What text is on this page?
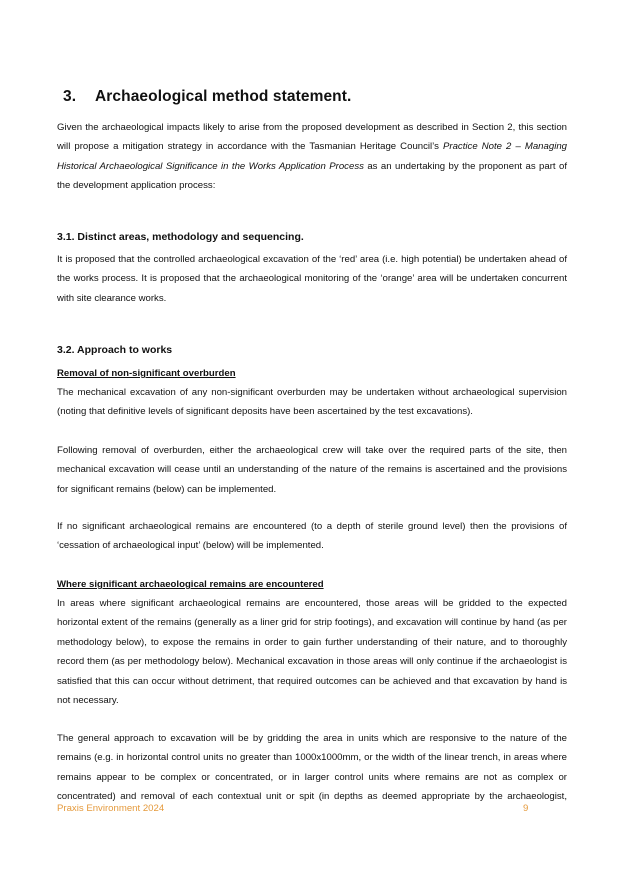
3. Archaeological method statement.
Given the archaeological impacts likely to arise from the proposed development as described in Section 2, this section will propose a mitigation strategy in accordance with the Tasmanian Heritage Council’s Practice Note 2 – Managing Historical Archaeological Significance in the Works Application Process as an undertaking by the proponent as part of the development application process:
3.1. Distinct areas, methodology and sequencing.
It is proposed that the controlled archaeological excavation of the ‘red’ area (i.e. high potential) be undertaken ahead of the works process. It is proposed that the archaeological monitoring of the ‘orange’ area will be undertaken concurrent with site clearance works.
3.2. Approach to works
Removal of non-significant overburden
The mechanical excavation of any non-significant overburden may be undertaken without archaeological supervision (noting that definitive levels of significant deposits have been ascertained by the test excavations).
Following removal of overburden, either the archaeological crew will take over the required parts of the site, then mechanical excavation will cease until an understanding of the nature of the remains is ascertained and the provisions for significant remains (below) can be implemented.
If no significant archaeological remains are encountered (to a depth of sterile ground level) then the provisions of ‘cessation of archaeological input’ (below) will be implemented.
Where significant archaeological remains are encountered
In areas where significant archaeological remains are encountered, those areas will be gridded to the expected horizontal extent of the remains (generally as a liner grid for strip footings), and excavation will continue by hand (as per methodology below), to expose the remains in order to gain further understanding of their nature, and to thoroughly record them (as per methodology below). Mechanical excavation in those areas will only continue if the archaeologist is satisfied that this can occur without detriment, that required outcomes can be achieved and that excavation by hand is not necessary.
The general approach to excavation will be by gridding the area in units which are responsive to the nature of the remains (e.g. in horizontal control units no greater than 1000x1000mm, or the width of the linear trench, in areas where remains appear to be complex or concentrated, or in larger control units where remains are not as complex or concentrated) and removal of each contextual unit or spit (in depths as deemed appropriate by the archaeologist,
Praxis Environment 2024	9
